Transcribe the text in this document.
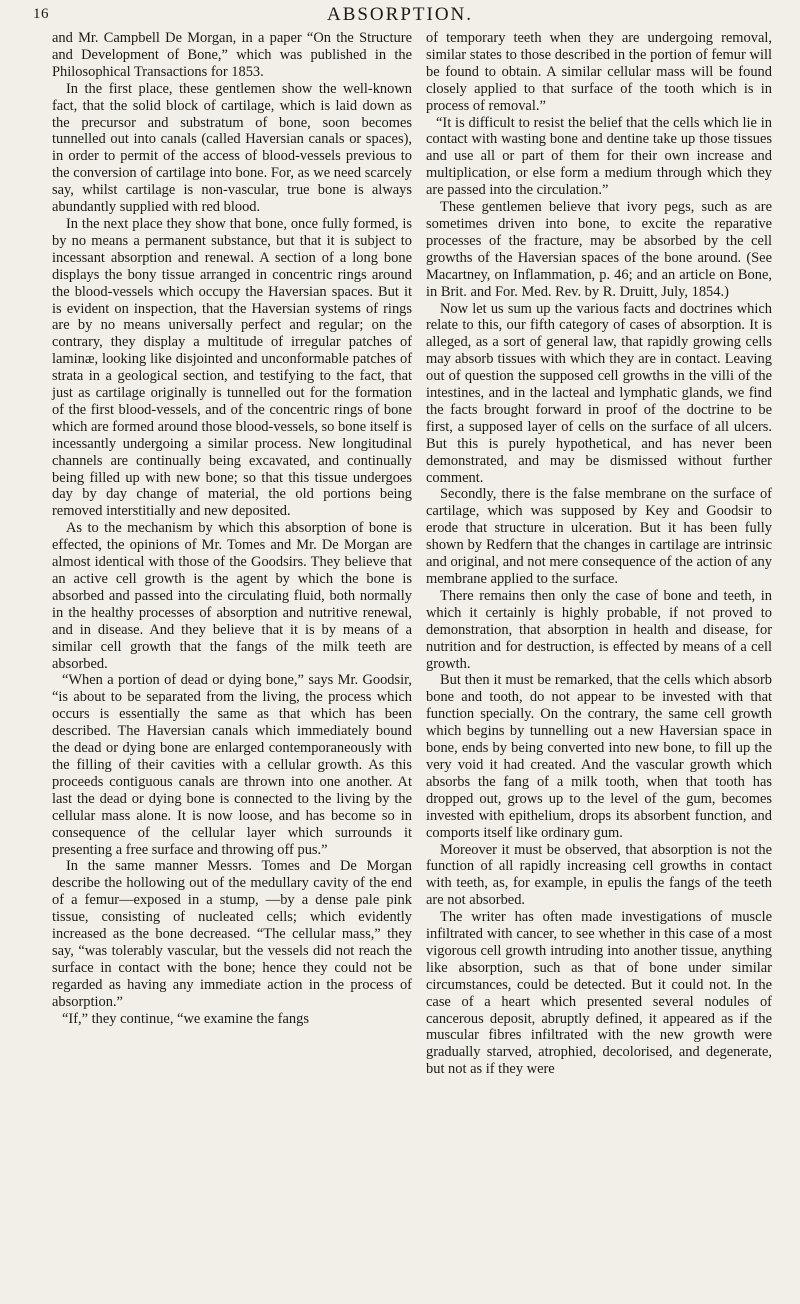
16	ABSORPTION.

and Mr. Campbell De Morgan, in a paper “On the Structure and Development of Bone,” which was published in the Philosophical Transactions for 1853.

In the first place, these gentlemen show the well-known fact, that the solid block of cartilage, which is laid down as the precursor and substratum of bone, soon becomes tunnelled out into canals (called Haversian canals or spaces), in order to permit of the access of blood-vessels previous to the conversion of cartilage into bone. For, as we need scarcely say, whilst cartilage is non-vascular, true bone is always abundantly supplied with red blood.

In the next place they show that bone, once fully formed, is by no means a permanent substance, but that it is subject to incessant absorption and renewal. A section of a long bone displays the bony tissue arranged in concentric rings around the blood-vessels which occupy the Haversian spaces. But it is evident on inspection, that the Haversian systems of rings are by no means universally perfect and regular; on the contrary, they display a multitude of irregular patches of laminæ, looking like disjointed and unconformable patches of strata in a geological section, and testifying to the fact, that just as cartilage originally is tunnelled out for the formation of the first blood-vessels, and of the concentric rings of bone which are formed around those blood-vessels, so bone itself is incessantly undergoing a similar process. New longitudinal channels are continually being excavated, and continually being filled up with new bone; so that this tissue undergoes day by day change of material, the old portions being removed interstitially and new deposited.

As to the mechanism by which this absorption of bone is effected, the opinions of Mr. Tomes and Mr. De Morgan are almost identical with those of the Goodsirs. They believe that an active cell growth is the agent by which the bone is absorbed and passed into the circulating fluid, both normally in the healthy processes of absorption and nutritive renewal, and in disease. And they believe that it is by means of a similar cell growth that the fangs of the milk teeth are absorbed.

“When a portion of dead or dying bone,” says Mr. Goodsir, “is about to be separated from the living, the process which occurs is essentially the same as that which has been described. The Haversian canals which immediately bound the dead or dying bone are enlarged contemporaneously with the filling of their cavities with a cellular growth. As this proceeds contiguous canals are thrown into one another. At last the dead or dying bone is connected to the living by the cellular mass alone. It is now loose, and has become so in consequence of the cellular layer which surrounds it presenting a free surface and throwing off pus.”

In the same manner Messrs. Tomes and De Morgan describe the hollowing out of the medullary cavity of the end of a femur—exposed in a stump, —by a dense pale pink tissue, consisting of nucleated cells; which evidently increased as the bone decreased. “The cellular mass,” they say, “was tolerably vascular, but the vessels did not reach the surface in contact with the bone; hence they could not be regarded as having any immediate action in the process of absorption.”

“If,” they continue, “we examine the fangs

of temporary teeth when they are undergoing removal, similar states to those described in the portion of femur will be found to obtain. A similar cellular mass will be found closely applied to that surface of the tooth which is in process of removal.”

“It is difficult to resist the belief that the cells which lie in contact with wasting bone and dentine take up those tissues and use all or part of them for their own increase and multiplication, or else form a medium through which they are passed into the circulation.”

These gentlemen believe that ivory pegs, such as are sometimes driven into bone, to excite the reparative processes of the fracture, may be absorbed by the cell growths of the Haversian spaces of the bone around. (See Macartney, on Inflammation, p. 46; and an article on Bone, in Brit. and For. Med. Rev. by R. Druitt, July, 1854.)

Now let us sum up the various facts and doctrines which relate to this, our fifth category of cases of absorption. It is alleged, as a sort of general law, that rapidly growing cells may absorb tissues with which they are in contact. Leaving out of question the supposed cell growths in the villi of the intestines, and in the lacteal and lymphatic glands, we find the facts brought forward in proof of the doctrine to be first, a supposed layer of cells on the surface of all ulcers. But this is purely hypothetical, and has never been demonstrated, and may be dismissed without further comment.

Secondly, there is the false membrane on the surface of cartilage, which was supposed by Key and Goodsir to erode that structure in ulceration. But it has been fully shown by Redfern that the changes in cartilage are intrinsic and original, and not mere consequence of the action of any membrane applied to the surface.

There remains then only the case of bone and teeth, in which it certainly is highly probable, if not proved to demonstration, that absorption in health and disease, for nutrition and for destruction, is effected by means of a cell growth.

But then it must be remarked, that the cells which absorb bone and tooth, do not appear to be invested with that function specially. On the contrary, the same cell growth which begins by tunnelling out a new Haversian space in bone, ends by being converted into new bone, to fill up the very void it had created. And the vascular growth which absorbs the fang of a milk tooth, when that tooth has dropped out, grows up to the level of the gum, becomes invested with epithelium, drops its absorbent function, and comports itself like ordinary gum.

Moreover it must be observed, that absorption is not the function of all rapidly increasing cell growths in contact with teeth, as, for example, in epulis the fangs of the teeth are not absorbed.

The writer has often made investigations of muscle infiltrated with cancer, to see whether in this case of a most vigorous cell growth intruding into another tissue, anything like absorption, such as that of bone under similar circumstances, could be detected. But it could not. In the case of a heart which presented several nodules of cancerous deposit, abruptly defined, it appeared as if the muscular fibres infiltrated with the new growth were gradually starved, atrophied, decolorised, and degenerate, but not as if they were
